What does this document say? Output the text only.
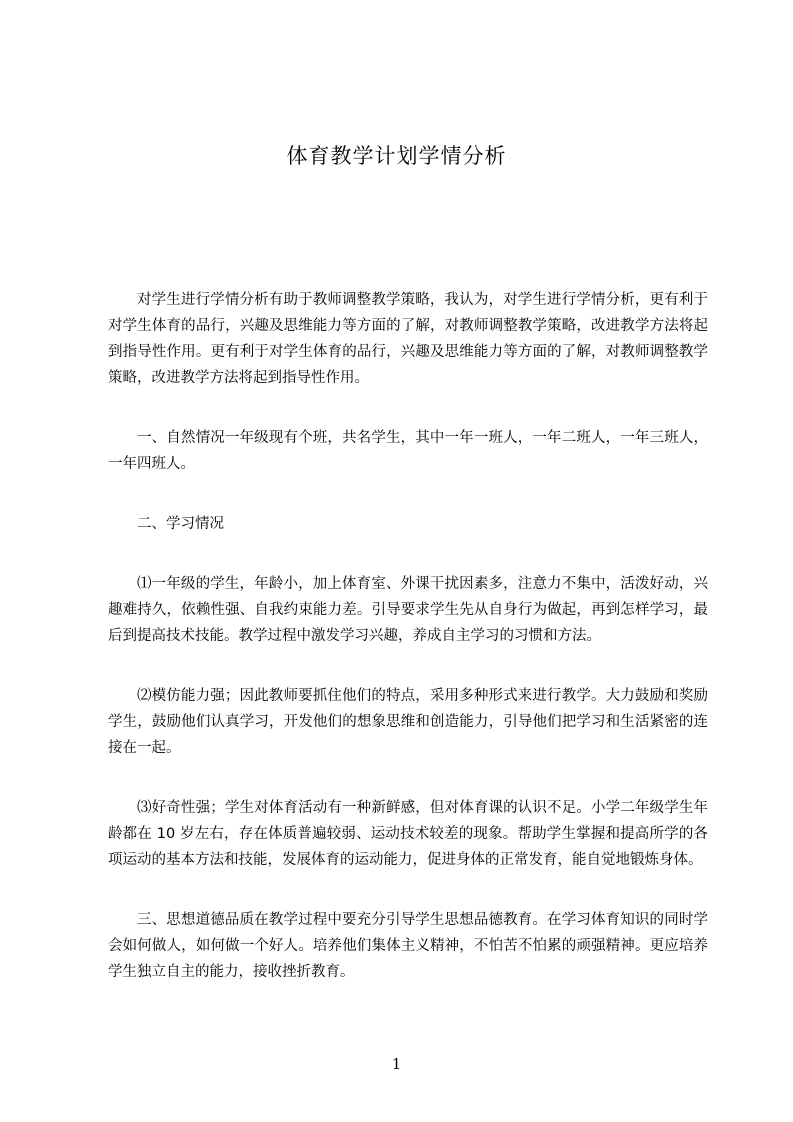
体育教学计划学情分析

对学生进行学情分析有助于教师调整教学策略，我认为，对学生进行学情分析，更有利于对学生体育的品行，兴趣及思维能力等方面的了解，对教师调整教学策略，改进教学方法将起到指导性作用。更有利于对学生体育的品行，兴趣及思维能力等方面的了解，对教师调整教学策略，改进教学方法将起到指导性作用。

一、自然情况一年级现有个班，共名学生，其中一年一班人，一年二班人，一年三班人，一年四班人。

二、学习情况

⑴一年级的学生，年龄小，加上体育室、外课干扰因素多，注意力不集中，活泼好动，兴趣难持久，依赖性强、自我约束能力差。引导要求学生先从自身行为做起，再到怎样学习，最后到提高技术技能。教学过程中激发学习兴趣，养成自主学习的习惯和方法。

⑵模仿能力强；因此教师要抓住他们的特点，采用多种形式来进行教学。大力鼓励和奖励学生，鼓励他们认真学习，开发他们的想象思维和创造能力，引导他们把学习和生活紧密的连接在一起。

⑶好奇性强；学生对体育活动有一种新鲜感，但对体育课的认识不足。小学二年级学生年龄都在 10 岁左右，存在体质普遍较弱、运动技术较差的现象。帮助学生掌握和提高所学的各项运动的基本方法和技能，发展体育的运动能力，促进身体的正常发育，能自觉地锻炼身体。

三、思想道德品质在教学过程中要充分引导学生思想品德教育。在学习体育知识的同时学会如何做人，如何做一个好人。培养他们集体主义精神，不怕苦不怕累的顽强精神。更应培养学生独立自主的能力，接收挫折教育。

1
